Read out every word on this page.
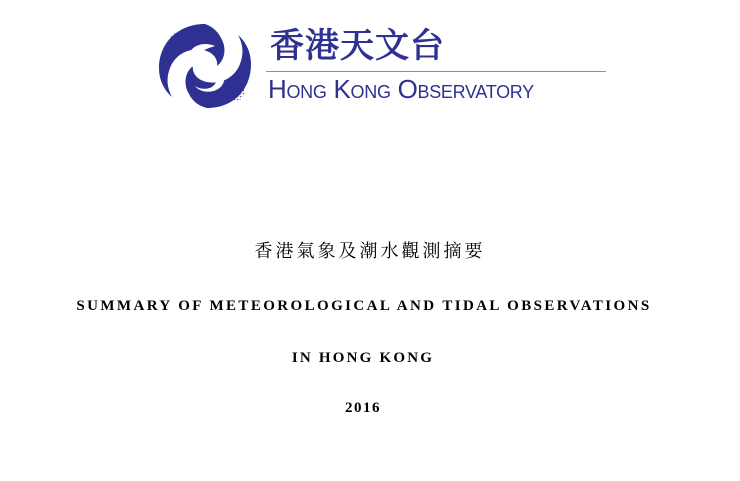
香港天文台
Hong Kong Observatory
香港氣象及潮水觀測摘要
SUMMARY OF METEOROLOGICAL AND TIDAL OBSERVATIONS
IN HONG KONG
2016
